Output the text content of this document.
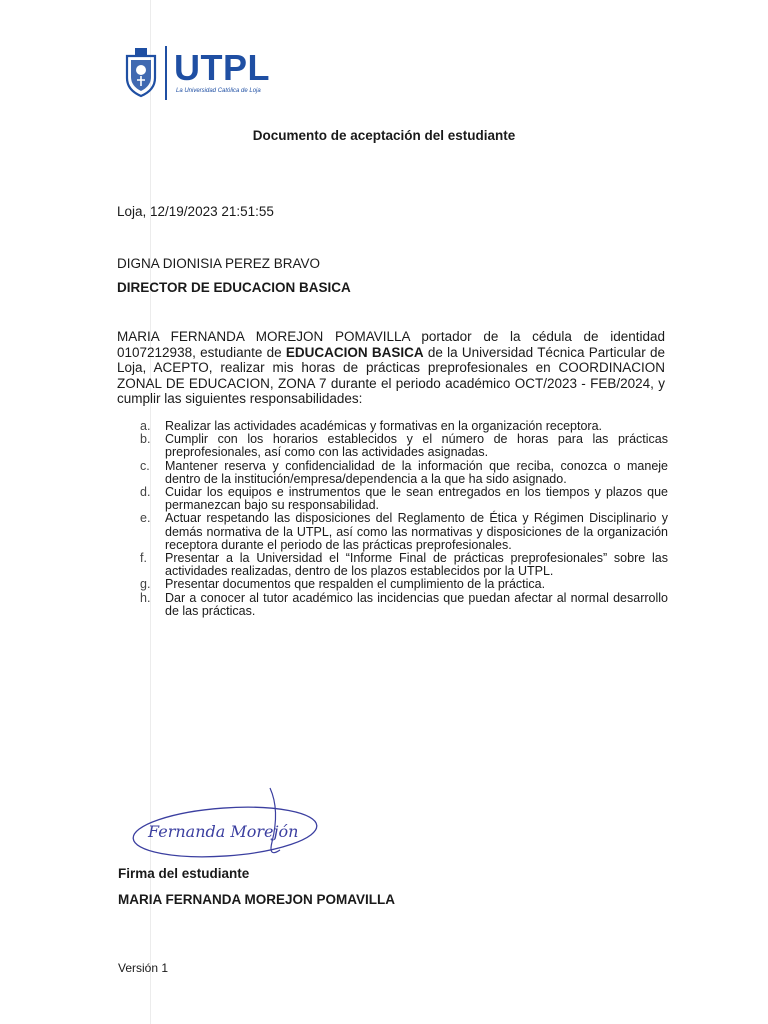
UTPL
La Universidad Católica de Loja
Documento de aceptación del estudiante
Loja, 12/19/2023 21:51:55
DIGNA DIONISIA PEREZ BRAVO
DIRECTOR DE EDUCACION BASICA
MARIA FERNANDA MOREJON POMAVILLA portador de la cédula de identidad 0107212938, estudiante de EDUCACION BASICA de la Universidad Técnica Particular de Loja, ACEPTO, realizar mis horas de prácticas preprofesionales en COORDINACION ZONAL DE EDUCACION, ZONA 7 durante el periodo académico OCT/2023 - FEB/2024, y cumplir las siguientes responsabilidades:
a. Realizar las actividades académicas y formativas en la organización receptora.
b. Cumplir con los horarios establecidos y el número de horas para las prácticas preprofesionales, así como con las actividades asignadas.
c. Mantener reserva y confidencialidad de la información que reciba, conozca o maneje dentro de la institución/empresa/dependencia a la que ha sido asignado.
d. Cuidar los equipos e instrumentos que le sean entregados en los tiempos y plazos que permanezcan bajo su responsabilidad.
e. Actuar respetando las disposiciones del Reglamento de Ética y Régimen Disciplinario y demás normativa de la UTPL, así como las normativas y disposiciones de la organización receptora durante el periodo de las prácticas preprofesionales.
f. Presentar a la Universidad el “Informe Final de prácticas preprofesionales” sobre las actividades realizadas, dentro de los plazos establecidos por la UTPL.
g. Presentar documentos que respalden el cumplimiento de la práctica.
h. Dar a conocer al tutor académico las incidencias que puedan afectar al normal desarrollo de las prácticas.
Fernanda Morejón
Firma del estudiante
MARIA FERNANDA MOREJON POMAVILLA
Versión 1
